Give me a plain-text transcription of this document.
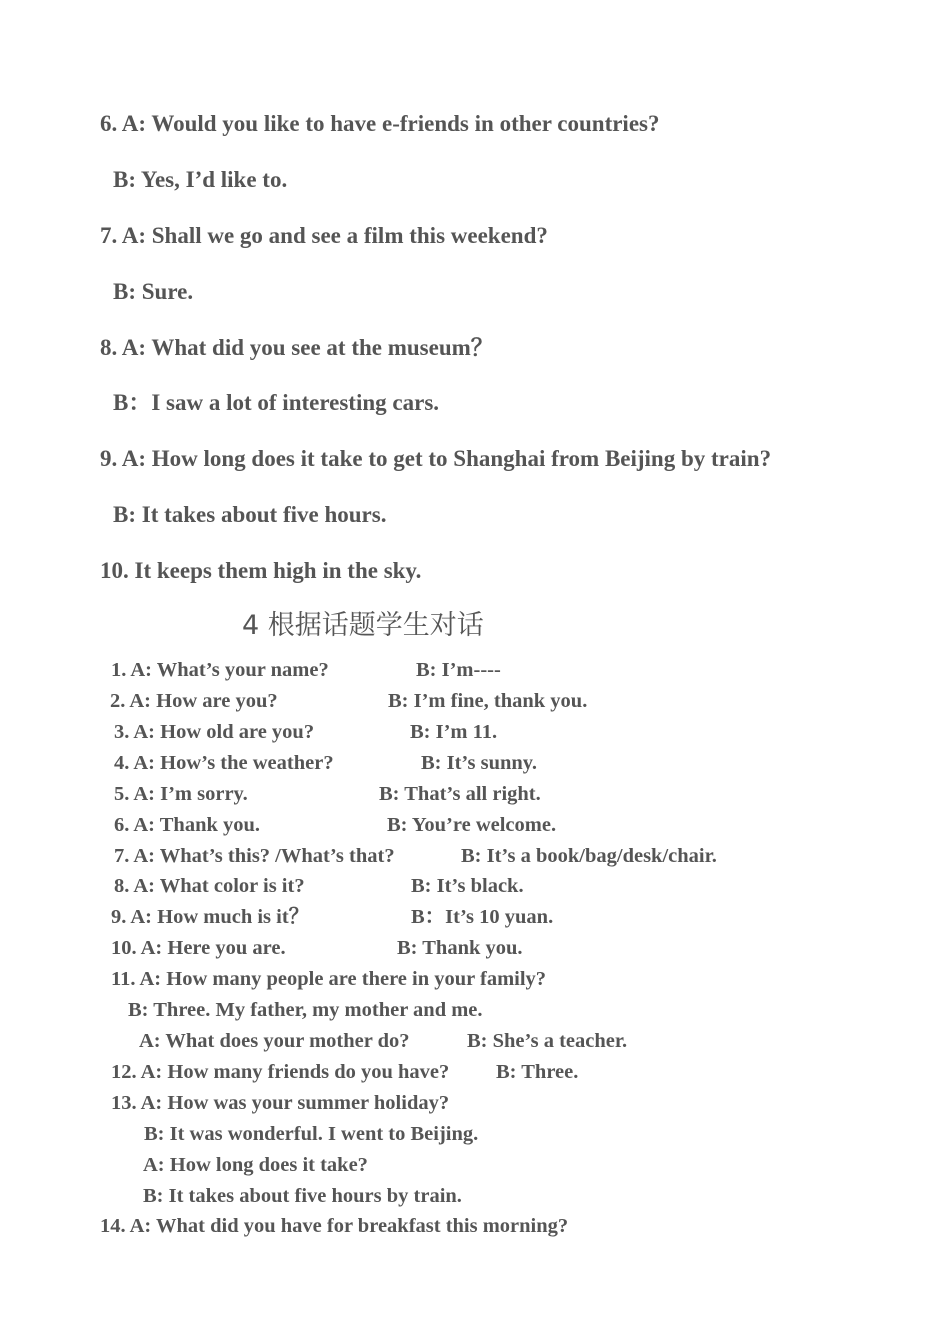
6. A: Would you like to have e-friends in other countries?
B: Yes, I’d like to.
7. A: Shall we go and see a film this weekend?
B: Sure.
8. A: What did you see at the museum？
B：I saw a lot of interesting cars.
9. A: How long does it take to get to Shanghai from Beijing by train?
B: It takes about five hours.
10. It keeps them high in the sky.
4 根据话题学生对话
1. A: What’s your name?	B: I’m----
2. A: How are you?	B: I’m fine, thank you.
3. A: How old are you?	B: I’m 11.
4. A: How’s the weather?	B: It’s sunny.
5. A: I’m sorry.	B: That’s all right.
6. A: Thank you.	B: You’re welcome.
7. A: What’s this? /What’s that?	B: It’s a book/bag/desk/chair.
8. A: What color is it?	B: It’s black.
9. A: How much is it？	B：It’s 10 yuan.
10. A: Here you are.	B: Thank you.
11. A: How many people are there in your family?
B: Three. My father, my mother and me.
A: What does your mother do?	B: She’s a teacher.
12. A: How many friends do you have? B: Three.
13. A: How was your summer holiday?
B: It was wonderful. I went to Beijing.
A: How long does it take?
B: It takes about five hours by train.
14. A: What did you have for breakfast this morning?
